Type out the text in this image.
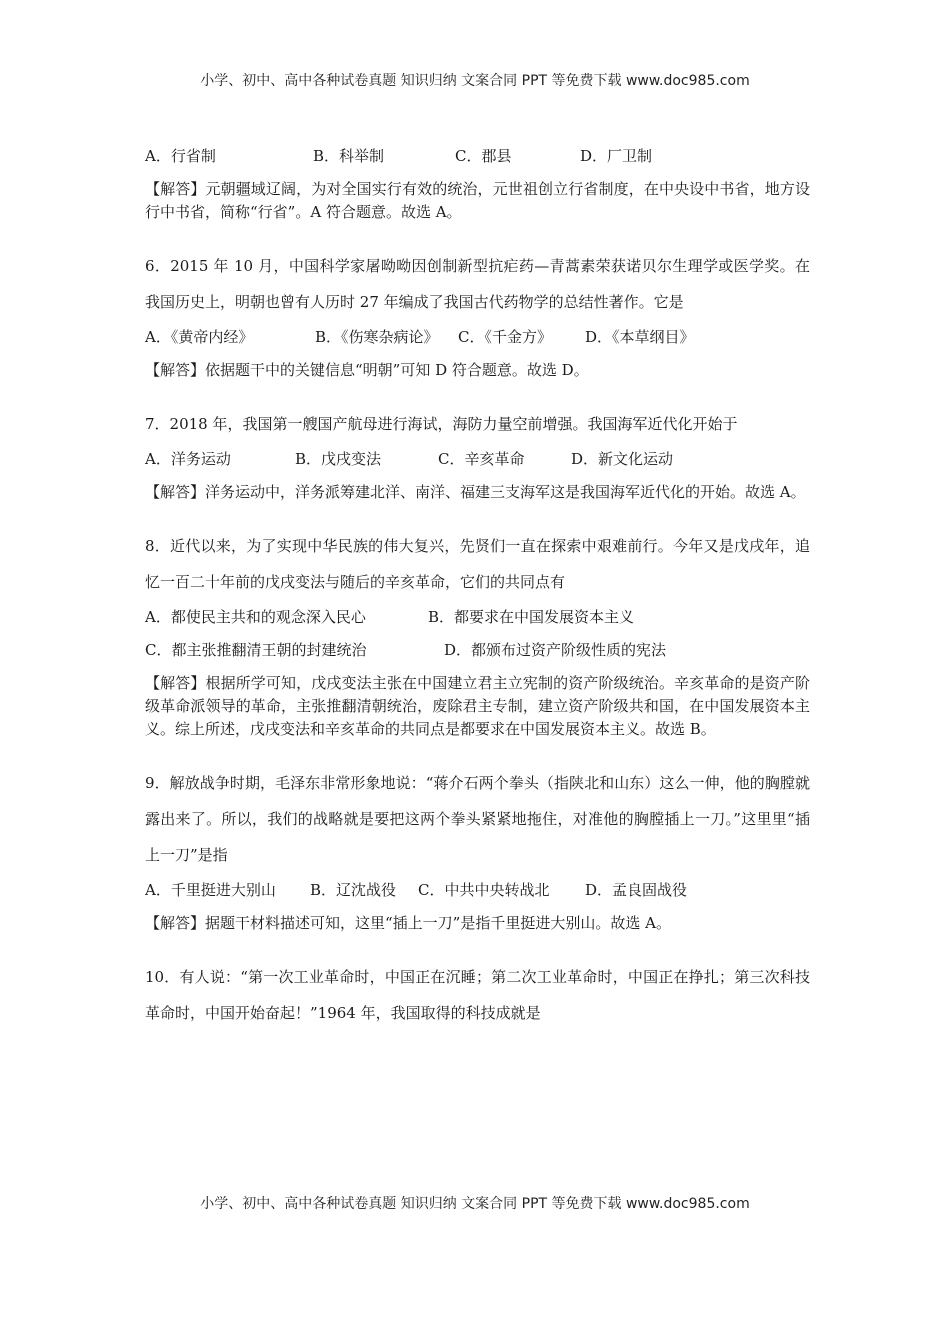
小学、初中、高中各种试卷真题 知识归纳 文案合同 PPT 等免费下载 www.doc985.com
A．行省制	B．科举制	C．郡县	D．厂卫制
【解答】元朝疆域辽阔，为对全国实行有效的统治，元世祖创立行省制度，在中央设中书省，地方设行中书省，简称“行省”。A 符合题意。故选 A。
6．2015 年 10 月，中国科学家屠呦呦因创制新型抗疟药—青蒿素荣获诺贝尔生理学或医学奖。在我国历史上，明朝也曾有人历时 27 年编成了我国古代药物学的总结性著作。它是
A．《黄帝内经》	B．《伤寒杂病论》	C．《千金方》	D．《本草纲目》
【解答】依据题干中的关键信息“明朝”可知 D 符合题意。故选 D。
7．2018 年，我国第一艘国产航母进行海试，海防力量空前增强。我国海军近代化开始于
A．洋务运动	B．戊戌变法	C．辛亥革命	D．新文化运动
【解答】洋务运动中，洋务派筹建北洋、南洋、福建三支海军这是我国海军近代化的开始。故选 A。
8．近代以来，为了实现中华民族的伟大复兴，先贤们一直在探索中艰难前行。今年又是戊戌年，追忆一百二十年前的戊戌变法与随后的辛亥革命，它们的共同点有
A．都使民主共和的观念深入民心	B．都要求在中国发展资本主义
C．都主张推翻清王朝的封建统治	D．都颁布过资产阶级性质的宪法
【解答】根据所学可知，戊戌变法主张在中国建立君主立宪制的资产阶级统治。辛亥革命的是资产阶级革命派领导的革命，主张推翻清朝统治，废除君主专制，建立资产阶级共和国，在中国发展资本主义。综上所述，戊戌变法和辛亥革命的共同点是都要求在中国发展资本主义。故选 B。
9．解放战争时期，毛泽东非常形象地说：“蒋介石两个拳头（指陕北和山东）这么一伸，他的胸膛就露出来了。所以，我们的战略就是要把这两个拳头紧紧地拖住，对准他的胸膛插上一刀。”这里里“插上一刀”是指
A．千里挺进大别山	B．辽沈战役	C．中共中央转战北	D．孟良固战役
【解答】据题干材料描述可知，这里“插上一刀”是指千里挺进大别山。故选 A。
10．有人说：“第一次工业革命时，中国正在沉睡；第二次工业革命时，中国正在挣扎；第三次科技革命时，中国开始奋起！”1964 年，我国取得的科技成就是
小学、初中、高中各种试卷真题 知识归纳 文案合同 PPT 等免费下载 www.doc985.com
